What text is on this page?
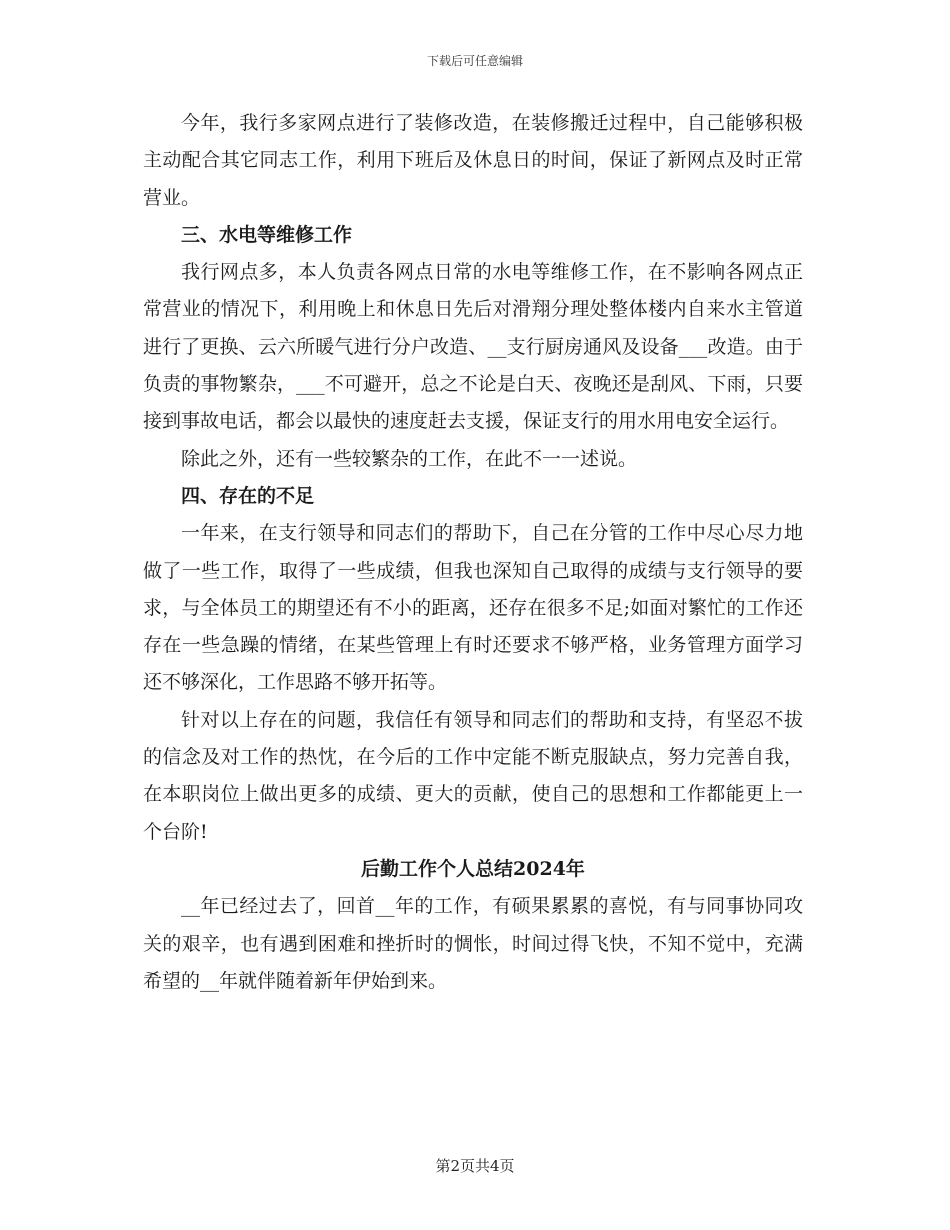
下载后可任意编辑

今年，我行多家网点进行了装修改造，在装修搬迁过程中，自己能够积极主动配合其它同志工作，利用下班后及休息日的时间，保证了新网点及时正常营业。

三、水电等维修工作

我行网点多，本人负责各网点日常的水电等维修工作，在不影响各网点正常营业的情况下，利用晚上和休息日先后对滑翔分理处整体楼内自来水主管道进行了更换、云六所暖气进行分户改造、__支行厨房通风及设备___改造。由于负责的事物繁杂，___不可避开，总之不论是白天、夜晚还是刮风、下雨，只要接到事故电话，都会以最快的速度赶去支援，保证支行的用水用电安全运行。

除此之外，还有一些较繁杂的工作，在此不一一述说。

四、存在的不足

一年来，在支行领导和同志们的帮助下，自己在分管的工作中尽心尽力地做了一些工作，取得了一些成绩，但我也深知自己取得的成绩与支行领导的要求，与全体员工的期望还有不小的距离，还存在很多不足;如面对繁忙的工作还存在一些急躁的情绪，在某些管理上有时还要求不够严格，业务管理方面学习还不够深化，工作思路不够开拓等。

针对以上存在的问题，我信任有领导和同志们的帮助和支持，有坚忍不拔的信念及对工作的热忱，在今后的工作中定能不断克服缺点，努力完善自我，在本职岗位上做出更多的成绩、更大的贡献，使自己的思想和工作都能更上一个台阶!

后勤工作个人总结2024年

__年已经过去了，回首__年的工作，有硕果累累的喜悦，有与同事协同攻关的艰辛，也有遇到困难和挫折时的惆怅，时间过得飞快，不知不觉中，充满希望的__年就伴随着新年伊始到来。

第2页共4页
